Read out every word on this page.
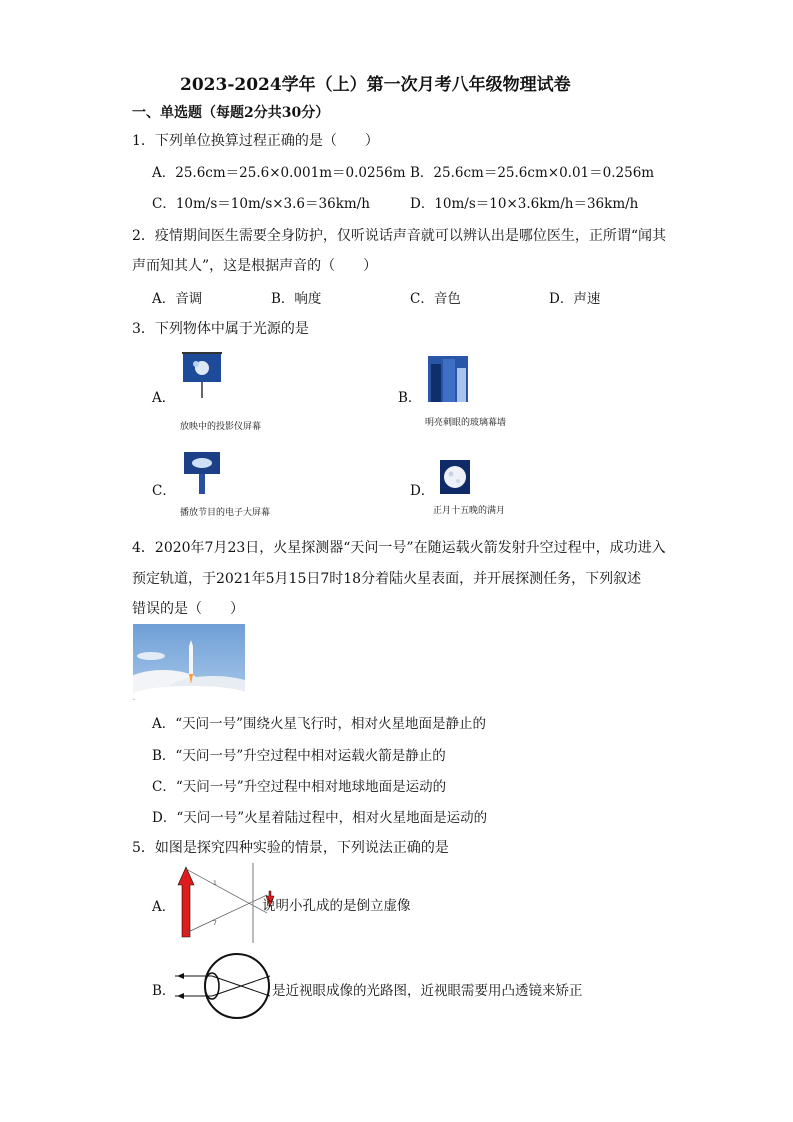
2023-2024学年（上）第一次月考八年级物理试卷
一、单选题（每题2分共30分）
1．下列单位换算过程正确的是（　　）
A．25.6cm＝25.6×0.001m＝0.0256m B．25.6cm＝25.6cm×0.01＝0.256m
C．10m/s＝10m/s×3.6＝36km/h	D．10m/s＝10×3.6km/h＝36km/h
2．疫情期间医生需要全身防护，仅听说话声音就可以辨认出是哪位医生，正所谓“闻其
声而知其人”，这是根据声音的（　　）
A．音调	B．响度	C．音色	D．声速
3．下列物体中属于光源的是
A．
放映中的投影仪屏幕
B．
明亮刺眼的玻璃幕墙
C．
播放节目的电子大屏幕
D．
正月十五晚的满月
4．2020年7月23日，火星探测器“天问一号”在随运载火箭发射升空过程中，成功进入
预定轨道，于2021年5月15日7时18分着陆火星表面，并开展探测任务，下列叙述
错误的是（　　）
A．“天问一号”围绕火星飞行时，相对火星地面是静止的
B．“天问一号”升空过程中相对运载火箭是静止的
C．“天问一号”升空过程中相对地球地面是运动的
D．“天问一号”火星着陆过程中，相对火星地面是运动的
5．如图是探究四种实验的情景，下列说法正确的是
A．
1
7
说明小孔成的是倒立虚像
B．	是近视眼成像的光路图，近视眼需要用凸透镜来矫正
